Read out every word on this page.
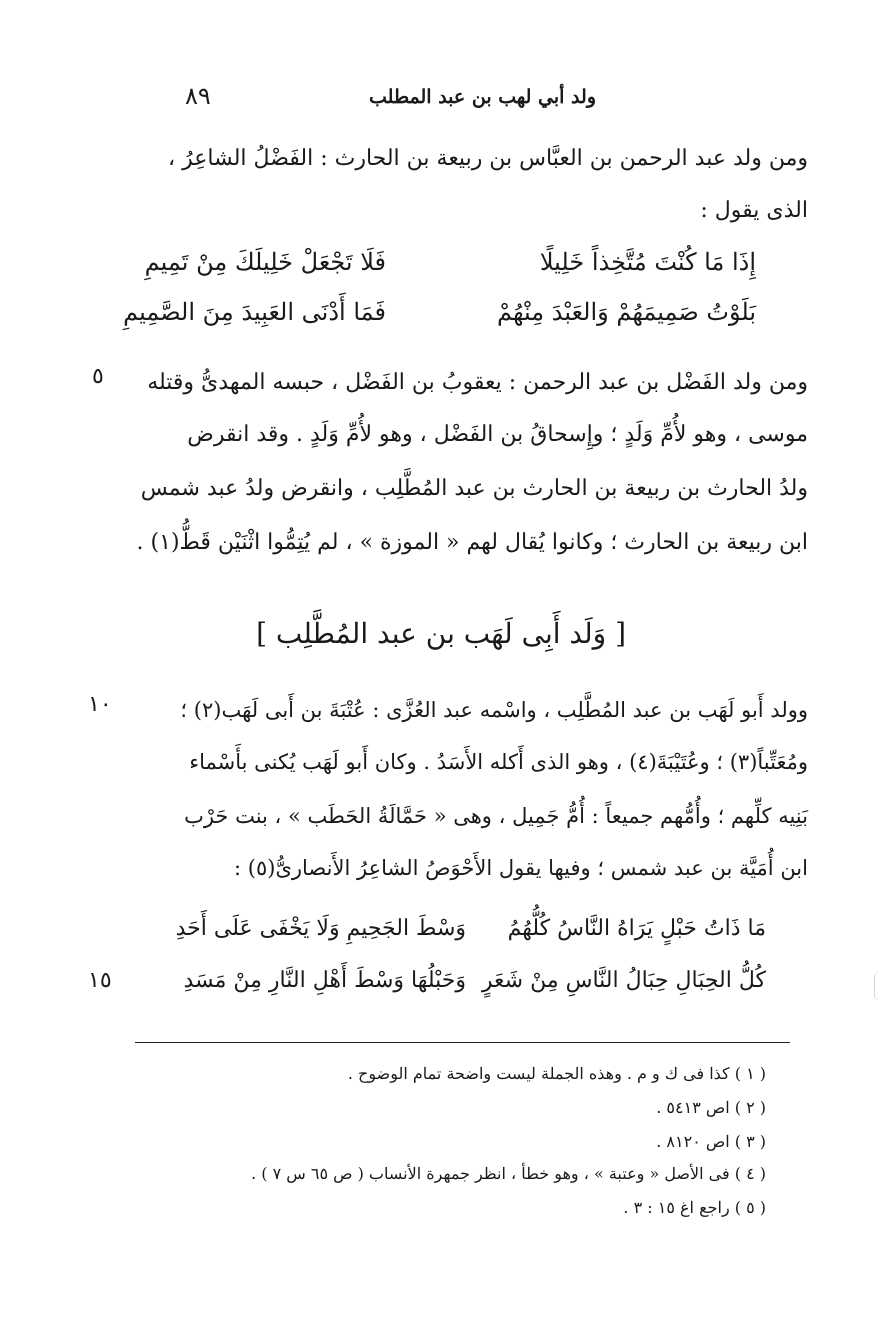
٨٩	ولد أبي لهب بن عبد المطلب
ومن ولد عبد الرحمن بن العبَّاس بن ربيعة بن الحارث : الفَضْلُ الشاعِرُ ،
الذى يقول :
إِذَا مَا كُنْتَ مُتَّخِذاً خَلِيلًا
فَلَا تَجْعَلْ خَلِيلَكَ مِنْ تَمِيمِ
بَلَوْتُ صَمِيمَهُمْ وَالعَبْدَ مِنْهُمْ
فَمَا أَدْنَى العَبِيدَ مِنَ الصَّمِيمِ
٥ ومن ولد الفَضْل بن عبد الرحمن : يعقوبُ بن الفَضْل ، حبسه المهدىُّ وقتله
موسى ، وهو لأُمِّ وَلَدٍ ؛ وإِسحاقُ بن الفَضْل ، وهو لأُمِّ وَلَدٍ . وقد انقرض
ولدُ الحارث بن ربيعة بن الحارث بن عبد المُطَّلِب ، وانقرض ولدُ عبد شمس
ابن ربيعة بن الحارث ؛ وكانوا يُقال لهم « الموزة » ، لم يُتِمُّوا اثْنَيْن قَطُّ(١) .
[ وَلَد أَبِى لَهَب بن عبد المُطَّلِب ]
١٠	وولد أَبو لَهَب بن عبد المُطَّلِب ، واسْمه عبد العُزَّى : عُتْبَةَ بن أَبى لَهَب(٢) ؛
ومُعَتِّباً(٣) ؛ وعُتَيْبَةَ(٤) ، وهو الذى أَكله الأَسَدُ . وكان أَبو لَهَب يُكنى بأَسْماء
بَنِيه كلِّهم ؛ وأُمُّهم جميعاً : أُمُّ جَمِيل ، وهى « حَمَّالَةُ الحَطَب » ، بنت حَرْب
ابن أُمَيَّة بن عبد شمس ؛ وفيها يقول الأَحْوَصُ الشاعِرُ الأَنصارىُّ(٥) :
مَا ذَاتُ حَبْلٍ يَرَاهُ النَّاسُ كُلُّهُمُ
وَسْطَ الجَحِيمِ وَلَا يَخْفَى عَلَى أَحَدِ
١٥	كُلُّ الحِبَالِ حِبَالُ النَّاسِ مِنْ شَعَرٍ
وَحَبْلُهَا وَسْطَ أَهْلِ النَّارِ مِنْ مَسَدِ
( ١ ) كذا فى ك و م . وهذه الجملة ليست واضحة تمام الوضوح .
( ٢ ) اص ٥٤١٣ .
( ٣ ) اص ٨١٢٠ .
( ٤ ) فى الأصل « وعتبة » ، وهو خطأ ، انظر جمهرة الأنساب ( ص ٦٥ س ٧ ) .
( ٥ ) راجع اغ ١٥ : ٣ .
